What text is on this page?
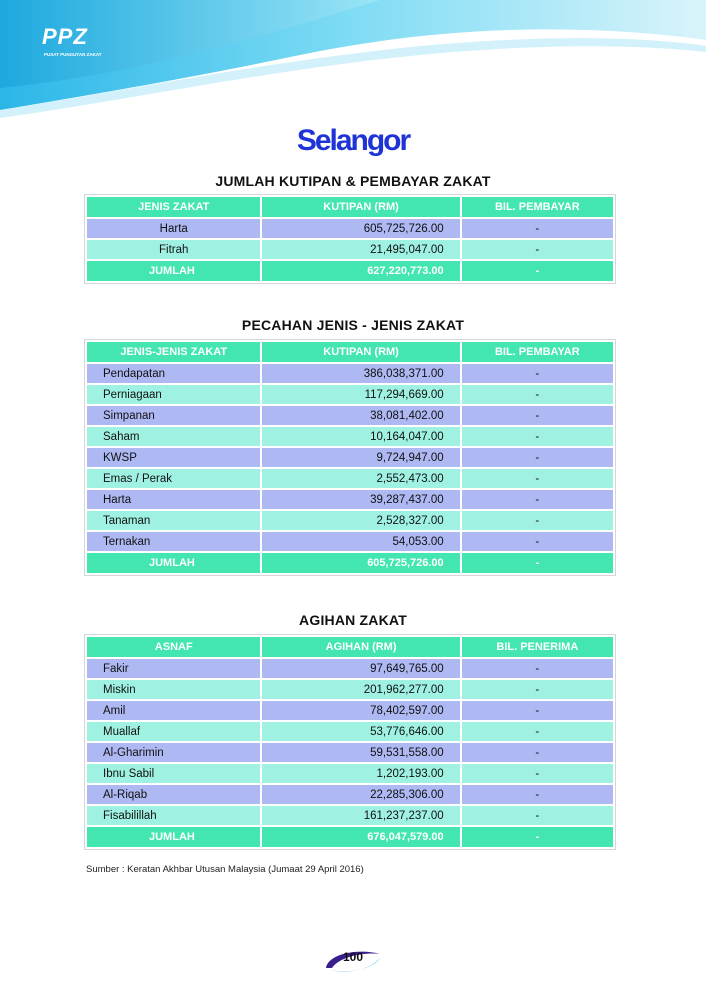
PPZ
PUSAT PUNGUTAN ZAKAT
Selangor
JUMLAH KUTIPAN & PEMBAYAR ZAKAT
JENIS ZAKAT	KUTIPAN (RM)	BIL. PEMBAYAR
Harta	605,725,726.00	-
Fitrah	21,495,047.00	-
JUMLAH	627,220,773.00	-
PECAHAN JENIS - JENIS ZAKAT
JENIS-JENIS ZAKAT	KUTIPAN (RM)	BIL. PEMBAYAR
Pendapatan	386,038,371.00	-
Perniagaan	117,294,669.00	-
Simpanan	38,081,402.00	-
Saham	10,164,047.00	-
KWSP	9,724,947.00	-
Emas / Perak	2,552,473.00	-
Harta	39,287,437.00	-
Tanaman	2,528,327.00	-
Ternakan	54,053.00	-
JUMLAH	605,725,726.00	-
AGIHAN ZAKAT
ASNAF	AGIHAN (RM)	BIL. PENERIMA
Fakir	97,649,765.00	-
Miskin	201,962,277.00	-
Amil	78,402,597.00	-
Muallaf	53,776,646.00	-
Al-Gharimin	59,531,558.00	-
Ibnu Sabil	1,202,193.00	-
Al-Riqab	22,285,306.00	-
Fisabilillah	161,237,237.00	-
JUMLAH	676,047,579.00	-
Sumber : Keratan Akhbar Utusan Malaysia (Jumaat 29 April 2016)
100
